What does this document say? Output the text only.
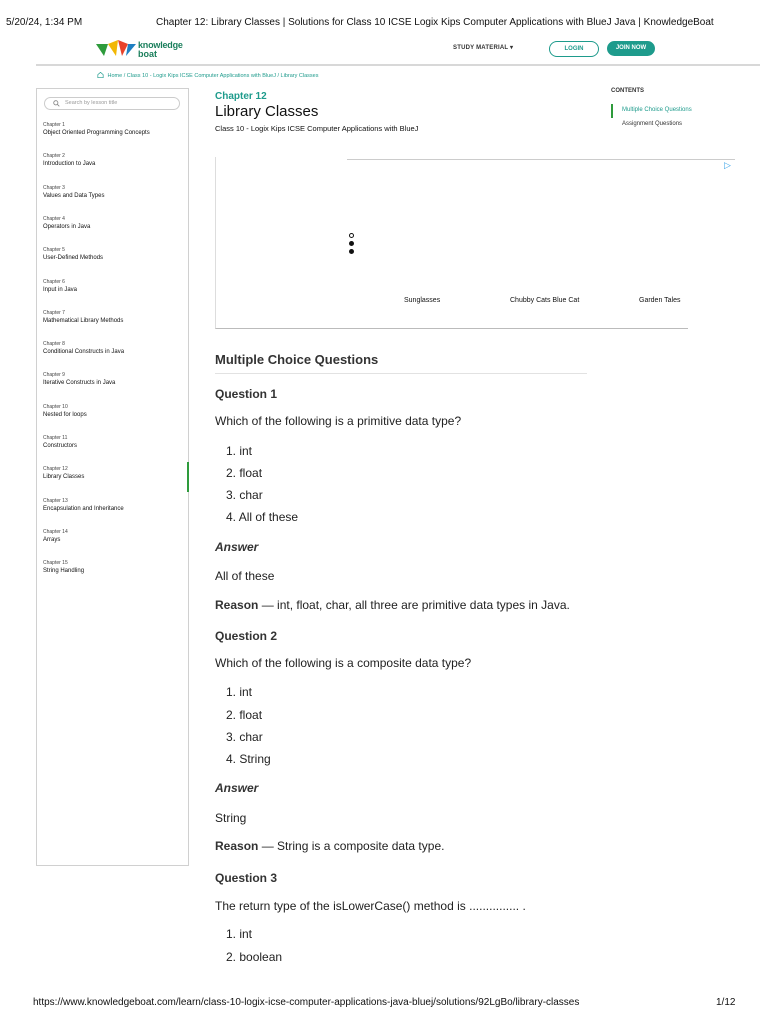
5/20/24, 1:34 PM	Chapter 12: Library Classes | Solutions for Class 10 ICSE Logix Kips Computer Applications with BlueJ Java | KnowledgeBoat
https://www.knowledgeboat.com/learn/class-10-logix-icse-computer-applications-java-bluej/solutions/92LgBo/library-classes	1/12
knowledge
boat
STUDY MATERIAL ▾	LOGIN	JOIN NOW
Home / Class 10 - Logix Kips ICSE Computer Applications with BlueJ / Library Classes
Search by lesson title
Chapter 1
Object Oriented Programming Concepts
Chapter 2
Introduction to Java
Chapter 3
Values and Data Types
Chapter 4
Operators in Java
Chapter 5
User-Defined Methods
Chapter 6
Input in Java
Chapter 7
Mathematical Library Methods
Chapter 8
Conditional Constructs in Java
Chapter 9
Iterative Constructs in Java
Chapter 10
Nested for loops
Chapter 11
Constructors
Chapter 12
Library Classes
Chapter 13
Encapsulation and Inheritance
Chapter 14
Arrays
Chapter 15
String Handling
Chapter 12
Library Classes
Class 10 - Logix Kips ICSE Computer Applications with BlueJ
CONTENTS
Multiple Choice Questions
Assignment Questions
▷
Sunglasses	Chubby Cats Blue Cat	Garden Tales
Multiple Choice Questions
Question 1
Which of the following is a primitive data type?
1. int
2. float
3. char
4. All of these
Answer
All of these
Reason — int, float, char, all three are primitive data types in Java.
Question 2
Which of the following is a composite data type?
1. int
2. float
3. char
4. String
Answer
String
Reason — String is a composite data type.
Question 3
The return type of the isLowerCase() method is ............... .
1. int
2. boolean
